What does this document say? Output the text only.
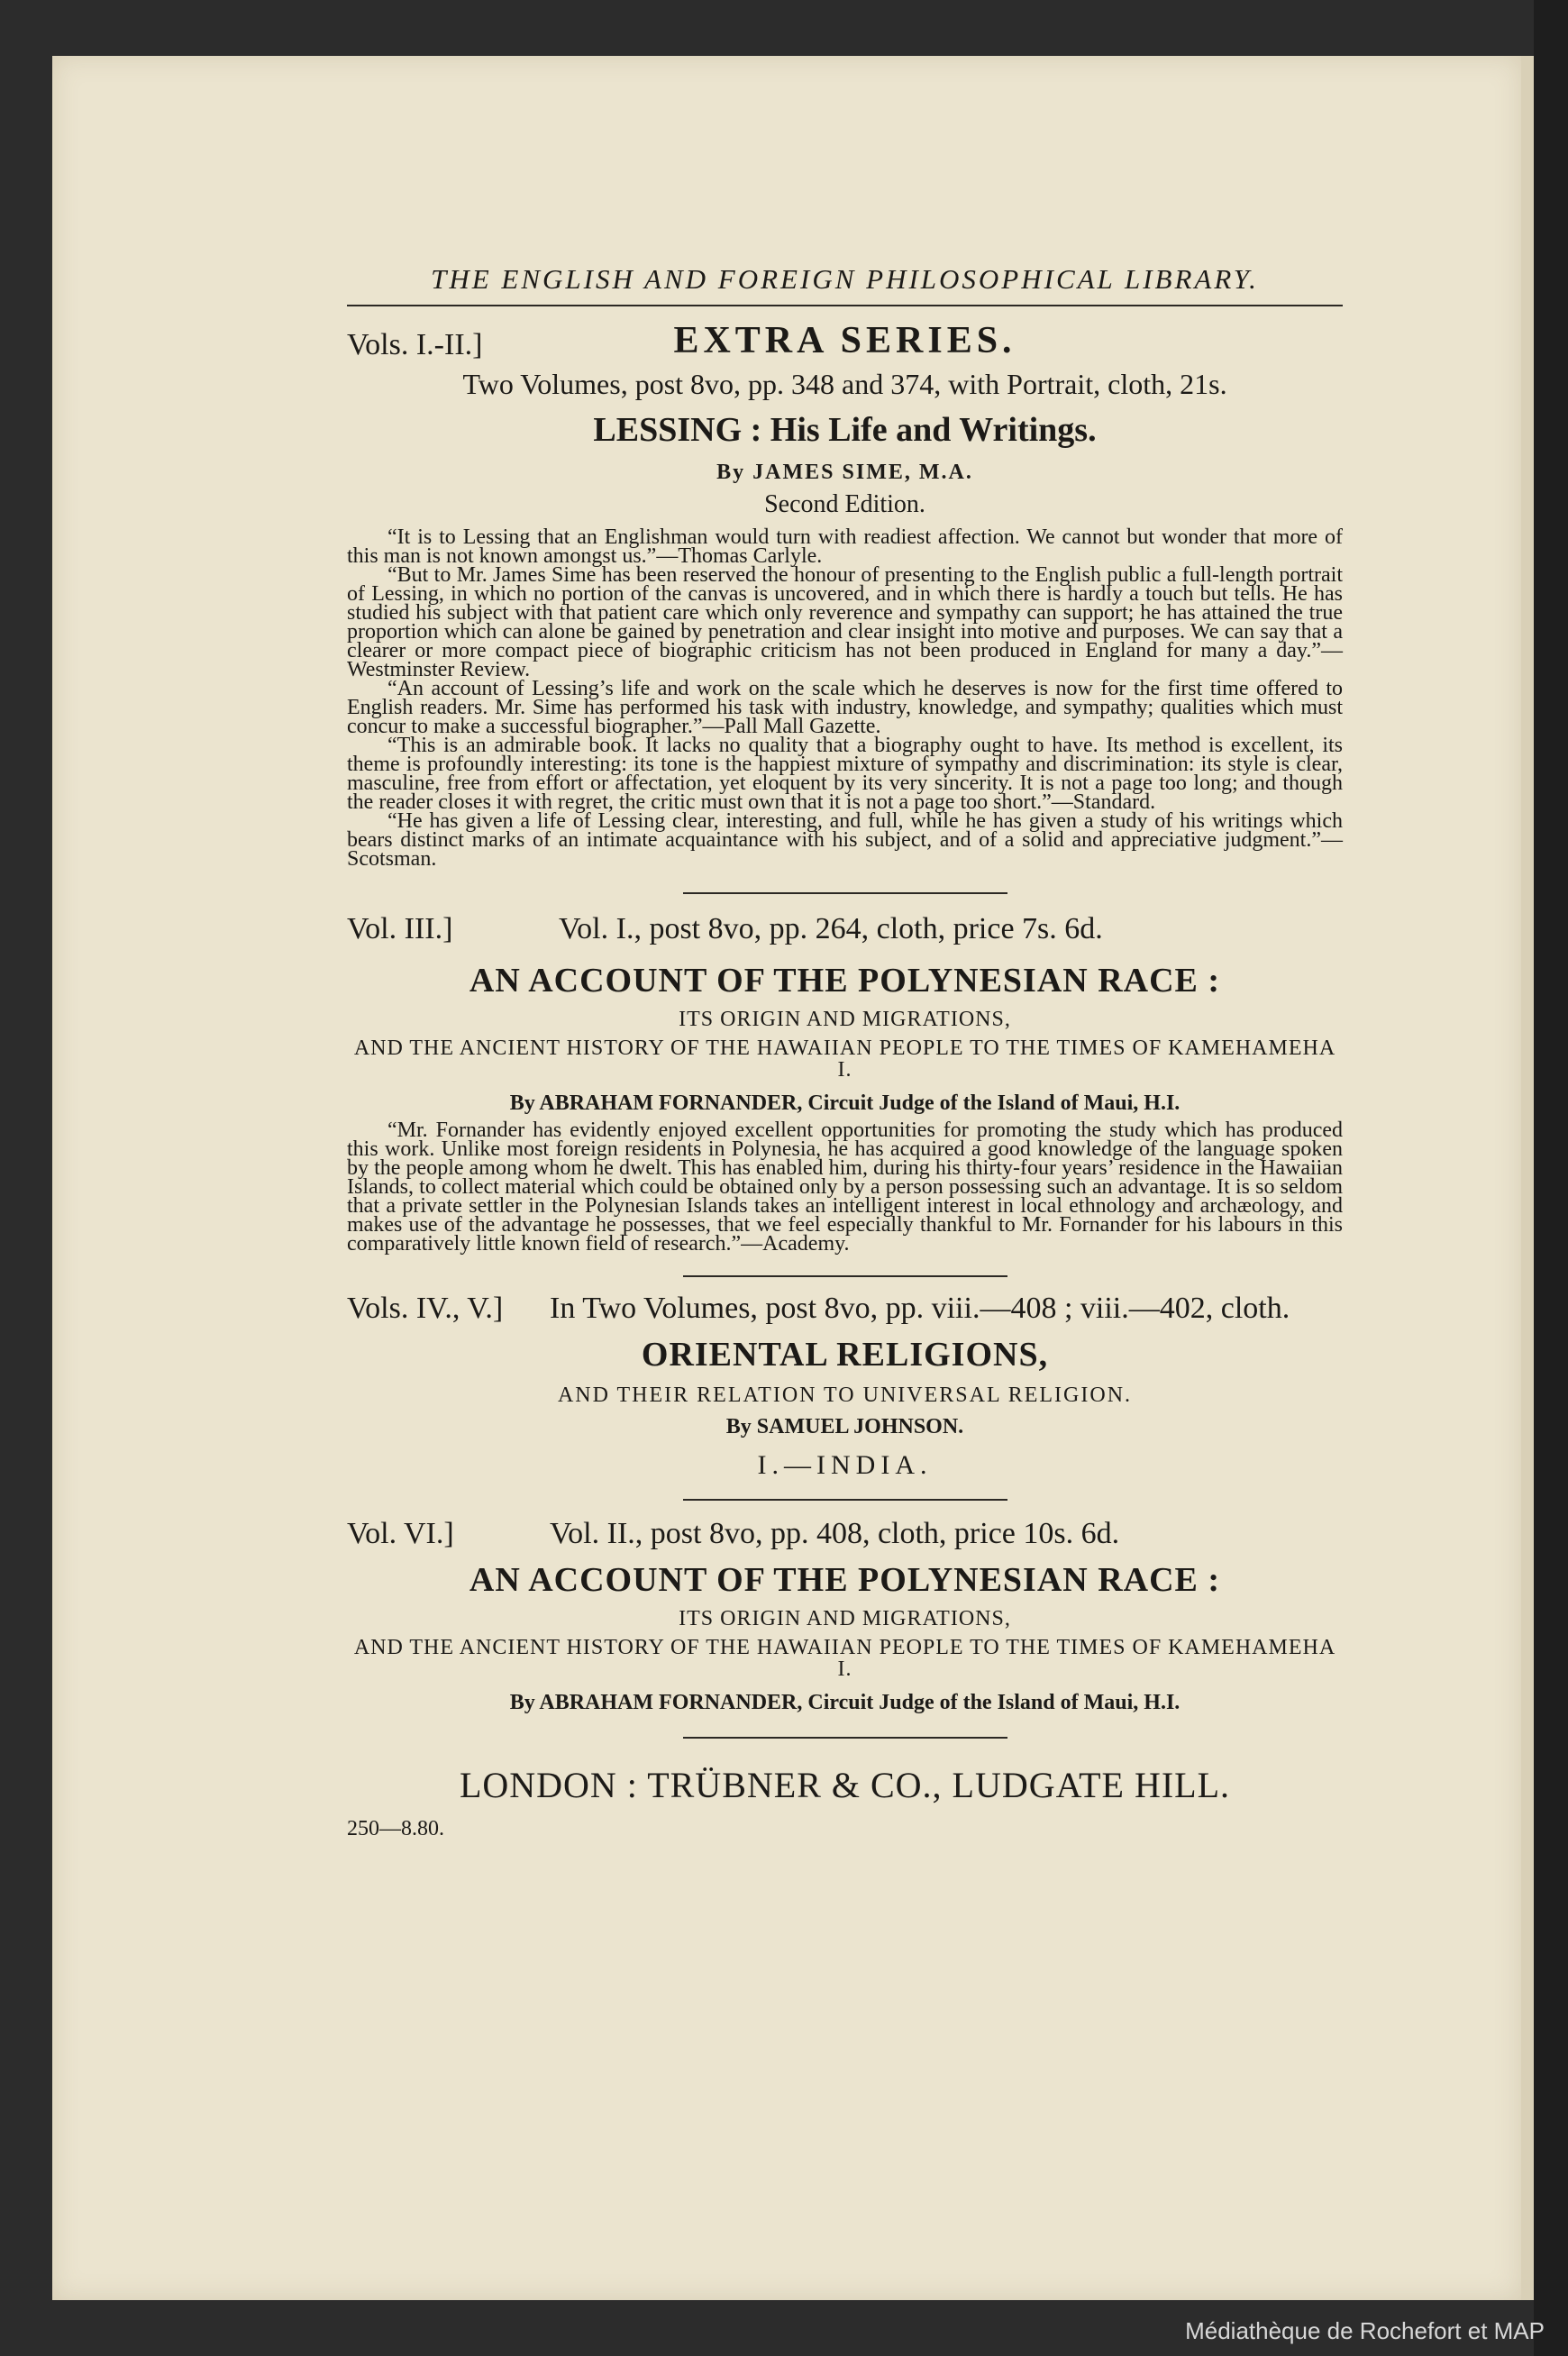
THE ENGLISH AND FOREIGN PHILOSOPHICAL LIBRARY.
Vols. I.-II.]	EXTRA SERIES.
Two Volumes, post 8vo, pp. 348 and 374, with Portrait, cloth, 21s.
LESSING : His Life and Writings.
By JAMES SIME, M.A.
Second Edition.

“It is to Lessing that an Englishman would turn with readiest affection. We cannot but wonder that more of this man is not known amongst us.”—Thomas Carlyle.

“But to Mr. James Sime has been reserved the honour of presenting to the English public a full-length portrait of Lessing, in which no portion of the canvas is uncovered, and in which there is hardly a touch but tells. He has studied his subject with that patient care which only reverence and sympathy can support; he has attained the true proportion which can alone be gained by penetration and clear insight into motive and purposes. We can say that a clearer or more compact piece of biographic criticism has not been produced in England for many a day.”—Westminster Review.

“An account of Lessing’s life and work on the scale which he deserves is now for the first time offered to English readers. Mr. Sime has performed his task with industry, knowledge, and sympathy; qualities which must concur to make a successful biographer.”—Pall Mall Gazette.

“This is an admirable book. It lacks no quality that a biography ought to have. Its method is excellent, its theme is profoundly interesting: its tone is the happiest mixture of sympathy and discrimination: its style is clear, masculine, free from effort or affectation, yet eloquent by its very sincerity. It is not a page too long; and though the reader closes it with regret, the critic must own that it is not a page too short.”—Standard.

“He has given a life of Lessing clear, interesting, and full, while he has given a study of his writings which bears distinct marks of an intimate acquaintance with his subject, and of a solid and appreciative judgment.”—Scotsman.

Vol. III.]	Vol. I., post 8vo, pp. 264, cloth, price 7s. 6d.
AN ACCOUNT OF THE POLYNESIAN RACE :
ITS ORIGIN AND MIGRATIONS,
AND THE ANCIENT HISTORY OF THE HAWAIIAN PEOPLE TO THE TIMES OF KAMEHAMEHA I.
By ABRAHAM FORNANDER, Circuit Judge of the Island of Maui, H.I.

“Mr. Fornander has evidently enjoyed excellent opportunities for promoting the study which has produced this work. Unlike most foreign residents in Polynesia, he has acquired a good knowledge of the language spoken by the people among whom he dwelt. This has enabled him, during his thirty-four years’ residence in the Hawaiian Islands, to collect material which could be obtained only by a person possessing such an advantage. It is so seldom that a private settler in the Polynesian Islands takes an intelligent interest in local ethnology and archæology, and makes use of the advantage he possesses, that we feel especially thankful to Mr. Fornander for his labours in this comparatively little known field of research.”—Academy.

Vols. IV., V.] In Two Volumes, post 8vo, pp. viii.—408 ; viii.—402, cloth.
ORIENTAL RELIGIONS,
AND THEIR RELATION TO UNIVERSAL RELIGION.
By SAMUEL JOHNSON.
I.—INDIA.
Vol. VI.]	Vol. II., post 8vo, pp. 408, cloth, price 10s. 6d.
AN ACCOUNT OF THE POLYNESIAN RACE :
ITS ORIGIN AND MIGRATIONS,
AND THE ANCIENT HISTORY OF THE HAWAIIAN PEOPLE TO THE TIMES OF KAMEHAMEHA I.
By ABRAHAM FORNANDER, Circuit Judge of the Island of Maui, H.I.
LONDON : TRÜBNER & CO., LUDGATE HILL.
250—8.80.
Médiathèque de Rochefort et MAP
